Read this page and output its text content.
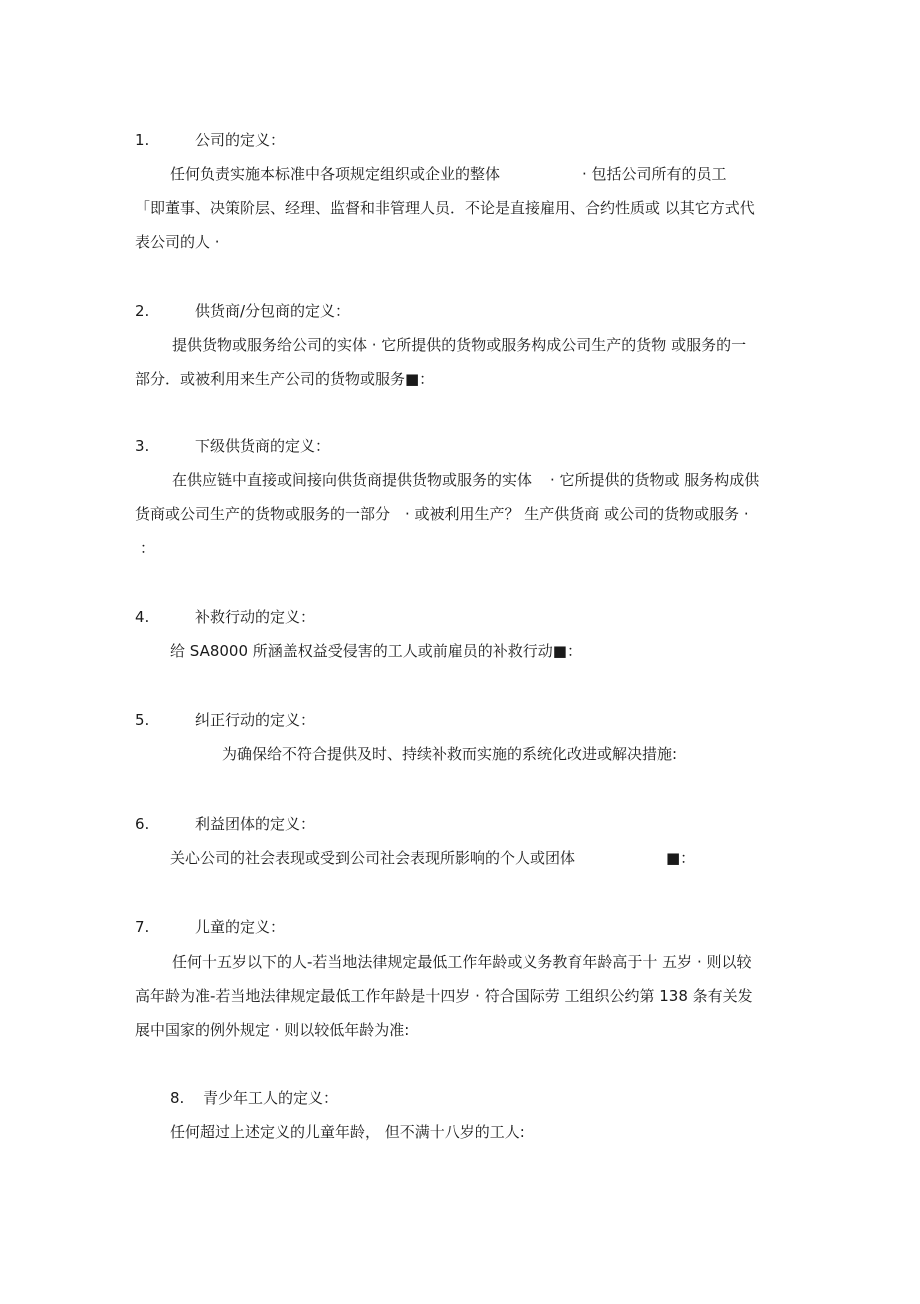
1.	公司的定义：
任何负责实施本标准中各项规定组织或企业的整体	· 包括公司所有的员工
「即董事、决策阶层、经理、监督和非管理人员．不论是直接雇用、合约性质或 以其它方式代
表公司的人 ·
2.	供货商/分包商的定义：
提供货物或服务给公司的实体 · 它所提供的货物或服务构成公司生产的货物 或服务的一
部分．或被利用来生产公司的货物或服务■：
3.	下级供货商的定义：
在供应链中直接或间接向供货商提供货物或服务的实体 · 它所提供的货物或 服务构成供
货商或公司生产的货物或服务的一部分 · 或被利用生产？ 生产供货商 或公司的货物或服务 ·
：
4.	补救行动的定义：
给 SA8000 所涵盖权益受侵害的工人或前雇员的补救行动■：
5.	纠正行动的定义：
为确保给不符合提供及时、持续补救而实施的系统化改进或解决措施:
6.	利益团体的定义：
关心公司的社会表现或受到公司社会表现所影响的个人或团体	■：
7.	儿童的定义：
任何十五岁以下的人-若当地法律规定最低工作年龄或义务教育年龄高于十 五岁 · 则以较
高年龄为准-若当地法律规定最低工作年龄是十四岁 · 符合国际劳 工组织公约第 138 条有关发
展中国家的例外规定 · 则以较低年龄为准:
8. 青少年工人的定义：
任何超过上述定义的儿童年龄， 但不满十八岁的工人:
